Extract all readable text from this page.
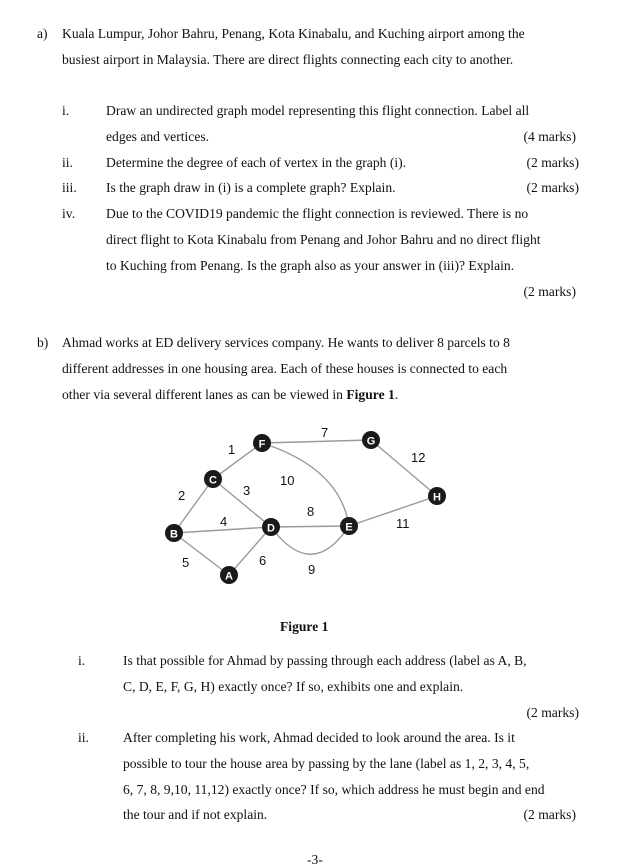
a) Kuala Lumpur, Johor Bahru, Penang, Kota Kinabalu, and Kuching airport among the
busiest airport in Malaysia. There are direct flights connecting each city to another.
i.	Draw an undirected graph model representing this flight connection. Label all
edges and vertices.	(4 marks)
ii. Determine the degree of each of vertex in the graph (i).	(2 marks)
iii. Is the graph draw in (i) is a complete graph? Explain.	(2 marks)
iv. Due to the COVID19 pandemic the flight connection is reviewed. There is no
direct flight to Kota Kinabalu from Penang and Johor Bahru and no direct flight
to Kuching from Penang. Is the graph also as your answer in (iii)? Explain.
(2 marks)
b) Ahmad works at ED delivery services company. He wants to deliver 8 parcels to 8
different addresses in one housing area. Each of these houses is connected to each
other via several different lanes as can be viewed in Figure 1.
1
2	3
4
5	6
7
8
9
10
11
12
A
B
C
D	E
F	G
H
Figure 1
i.	Is that possible for Ahmad by passing through each address (label as A, B,
C, D, E, F, G, H) exactly once? If so, exhibits one and explain.
(2 marks)
ii.	After completing his work, Ahmad decided to look around the area. Is it
possible to tour the house area by passing by the lane (label as 1, 2, 3, 4, 5,
6, 7, 8, 9,10, 11,12) exactly once? If so, which address he must begin and end
the tour and if not explain.	(2 marks)
-3-
